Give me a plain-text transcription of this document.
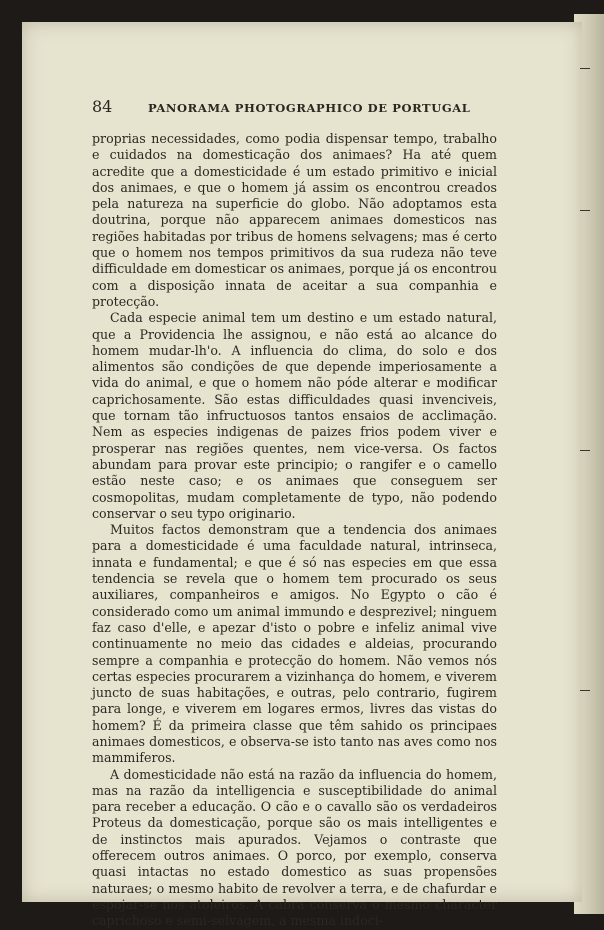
84	PANORAMA PHOTOGRAPHICO DE PORTUGAL

proprias necessidades, como podia dispensar tempo, trabalho e cuidados na domesticação dos animaes? Ha até quem acredite que a domesticidade é um estado primitivo e inicial dos animaes, e que o homem já assim os encontrou creados pela natureza na superficie do globo. Não adoptamos esta doutrina, porque não apparecem animaes domesticos nas regiões habitadas por tribus de homens selvagens; mas é certo que o homem nos tempos primitivos da sua rudeza não teve difficuldade em domesticar os animaes, porque já os encontrou com a disposição innata de aceitar a sua companhia e protecção.

Cada especie animal tem um destino e um estado natural, que a Providencia lhe assignou, e não está ao alcance do homem mudar-lh'o. A influencia do clima, do solo e dos alimentos são condições de que depende imperiosamente a vida do animal, e que o homem não póde alterar e modificar caprichosamente. São estas difficuldades quasi invenciveis, que tornam tão infructuosos tantos ensaios de acclimação. Nem as especies indigenas de paizes frios podem viver e prosperar nas regiões quentes, nem vice-versa. Os factos abundam para provar este principio; o rangifer e o camello estão neste caso; e os animaes que conseguem ser cosmopolitas, mudam completamente de typo, não podendo conservar o seu typo originario.

Muitos factos demonstram que a tendencia dos animaes para a domesticidade é uma faculdade natural, intrinseca, innata e fundamental; e que é só nas especies em que essa tendencia se revela que o homem tem procurado os seus auxiliares, companheiros e amigos. No Egypto o cão é considerado como um animal immundo e desprezivel; ninguem faz caso d'elle, e apezar d'isto o pobre e infeliz animal vive continuamente no meio das cidades e aldeias, procurando sempre a companhia e protecção do homem. Não vemos nós certas especies procurarem a vizinhança do homem, e viverem juncto de suas habitações, e outras, pelo contrario, fugirem para longe, e viverem em logares ermos, livres das vistas do homem? É da primeira classe que têm sahido os principaes animaes domesticos, e observa-se isto tanto nas aves como nos mammiferos.

A domesticidade não está na razão da influencia do homem, mas na razão da intelligencia e susceptibilidade do animal para receber a educação. O cão e o cavallo são os verdadeiros Proteus da domesticação, porque são os mais intelligentes e de instinctos mais apurados. Vejamos o contraste que offerecem outros animaes. O porco, por exemplo, conserva quasi intactas no estado domestico as suas propensões naturaes; o mesmo habito de revolver a terra, e de chafurdar e espojar-se nos atoleiros. A cabra conserva o mesmo character caprichoso e semi-selvagem, a mesma indoci-
